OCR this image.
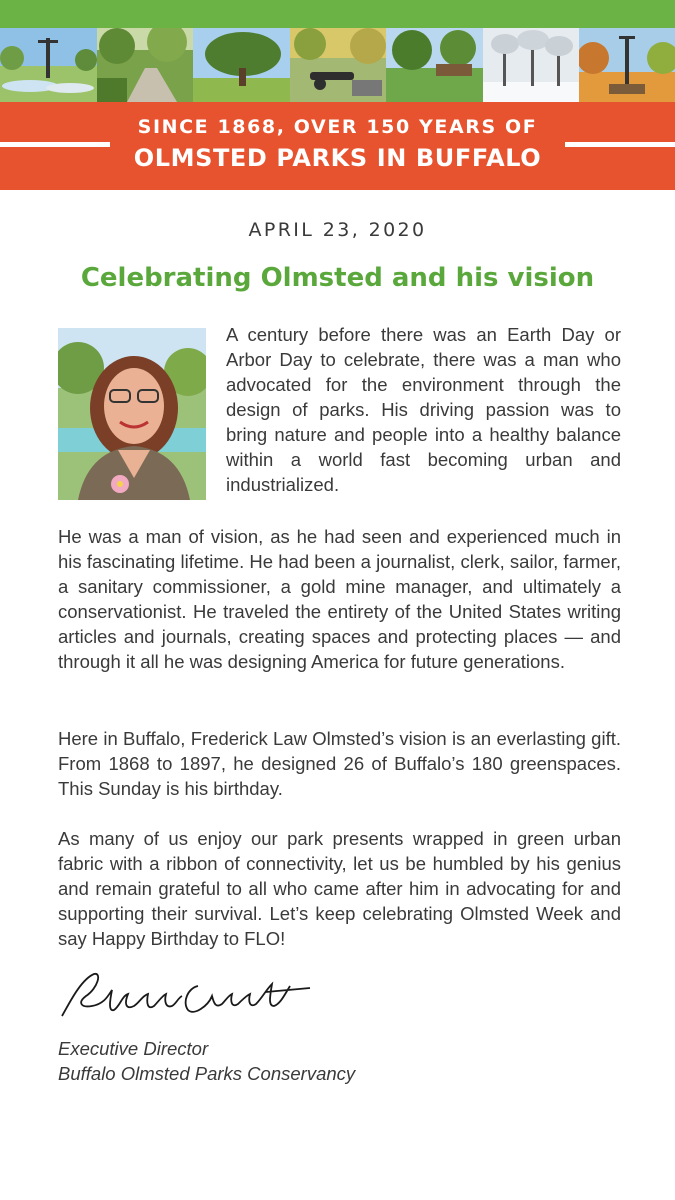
SINCE 1868, OVER 150 YEARS OF
OLMSTED PARKS IN BUFFALO
APRIL 23, 2020
Celebrating Olmsted and his vision

A century before there was an Earth Day or Arbor Day to celebrate, there was a man who advocated for the environment through the design of parks. His driving passion was to bring nature and people into a healthy balance within a world fast becoming urban and industrialized.

He was a man of vision, as he had seen and experienced much in his fascinating lifetime. He had been a journalist, clerk, sailor, farmer, a sanitary commissioner, a gold mine manager, and ultimately a conservationist. He traveled the entirety of the United States writing articles and journals, creating spaces and protecting places — and through it all he was designing America for future generations.

Here in Buffalo, Frederick Law Olmsted’s vision is an everlasting gift. From 1868 to 1897, he designed 26 of Buffalo’s 180 greenspaces. This Sunday is his birthday.

As many of us enjoy our park presents wrapped in green urban fabric with a ribbon of connectivity, let us be humbled by his genius and remain grateful to all who came after him in advocating for and supporting their survival. Let’s keep celebrating Olmsted Week and say Happy Birthday to FLO!

Executive Director
Buffalo Olmsted Parks Conservancy
